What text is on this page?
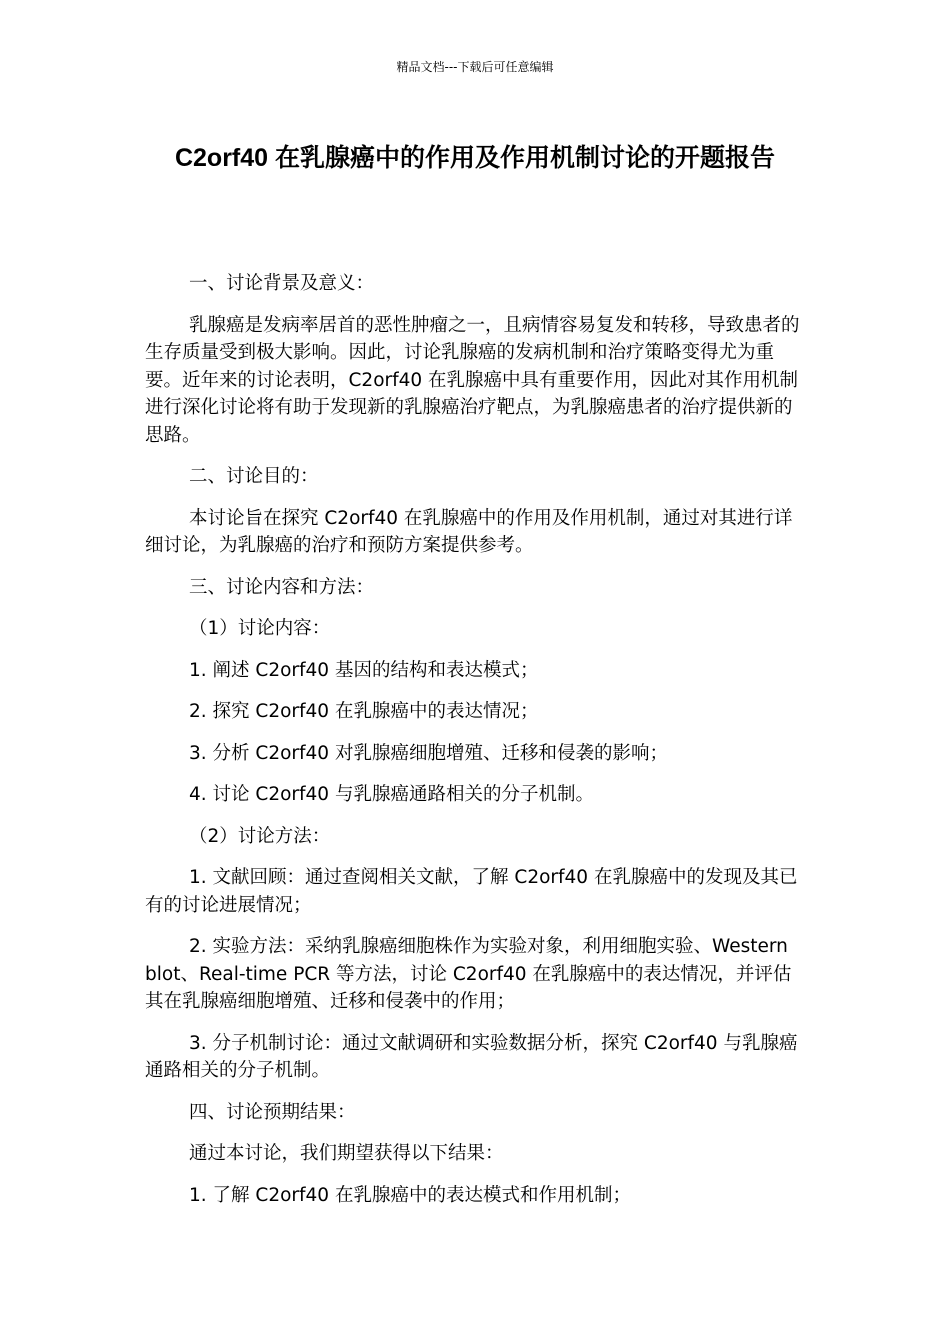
精品文档---下载后可任意编辑
C2orf40 在乳腺癌中的作用及作用机制讨论的开题报告

一、讨论背景及意义：

乳腺癌是发病率居首的恶性肿瘤之一，且病情容易复发和转移，导致患者的生存质量受到极大影响。因此，讨论乳腺癌的发病机制和治疗策略变得尤为重要。近年来的讨论表明，C2orf40 在乳腺癌中具有重要作用，因此对其作用机制进行深化讨论将有助于发现新的乳腺癌治疗靶点，为乳腺癌患者的治疗提供新的思路。

二、讨论目的：

本讨论旨在探究 C2orf40 在乳腺癌中的作用及作用机制，通过对其进行详细讨论，为乳腺癌的治疗和预防方案提供参考。

三、讨论内容和方法：

（1）讨论内容：

1. 阐述 C2orf40 基因的结构和表达模式；

2. 探究 C2orf40 在乳腺癌中的表达情况；

3. 分析 C2orf40 对乳腺癌细胞增殖、迁移和侵袭的影响；

4. 讨论 C2orf40 与乳腺癌通路相关的分子机制。

（2）讨论方法：

1. 文献回顾：通过查阅相关文献，了解 C2orf40 在乳腺癌中的发现及其已有的讨论进展情况；

2. 实验方法：采纳乳腺癌细胞株作为实验对象，利用细胞实验、Western blot、Real-time PCR 等方法，讨论 C2orf40 在乳腺癌中的表达情况，并评估其在乳腺癌细胞增殖、迁移和侵袭中的作用；

3. 分子机制讨论：通过文献调研和实验数据分析，探究 C2orf40 与乳腺癌通路相关的分子机制。

四、讨论预期结果：

通过本讨论，我们期望获得以下结果：

1. 了解 C2orf40 在乳腺癌中的表达模式和作用机制；
